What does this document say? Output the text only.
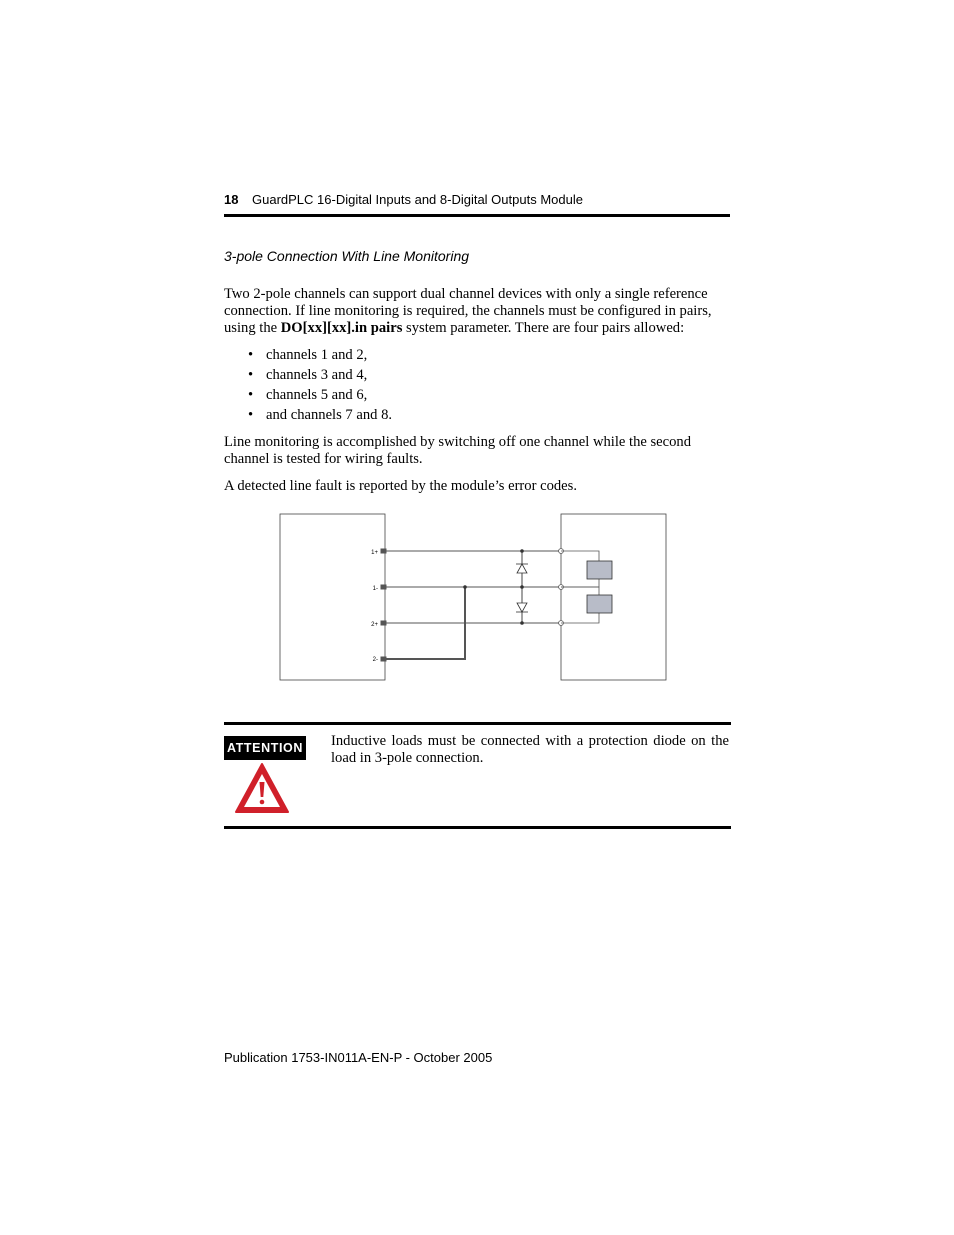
18 GuardPLC 16-Digital Inputs and 8-Digital Outputs Module
3-pole Connection With Line Monitoring

Two 2-pole channels can support dual channel devices with only a single reference connection. If line monitoring is required, the channels must be configured in pairs, using the DO[xx][xx].in pairs system parameter. There are four pairs allowed:

• channels 1 and 2,
• channels 3 and 4,
• channels 5 and 6,
• and channels 7 and 8.

Line monitoring is accomplished by switching off one channel while the second channel is tested for wiring faults.

A detected line fault is reported by the module’s error codes.

1+
1-
2+
2-
ATTENTION Inductive loads must be connected with a protection diode on the load in 3-pole connection.
Publication 1753-IN011A-EN-P - October 2005
